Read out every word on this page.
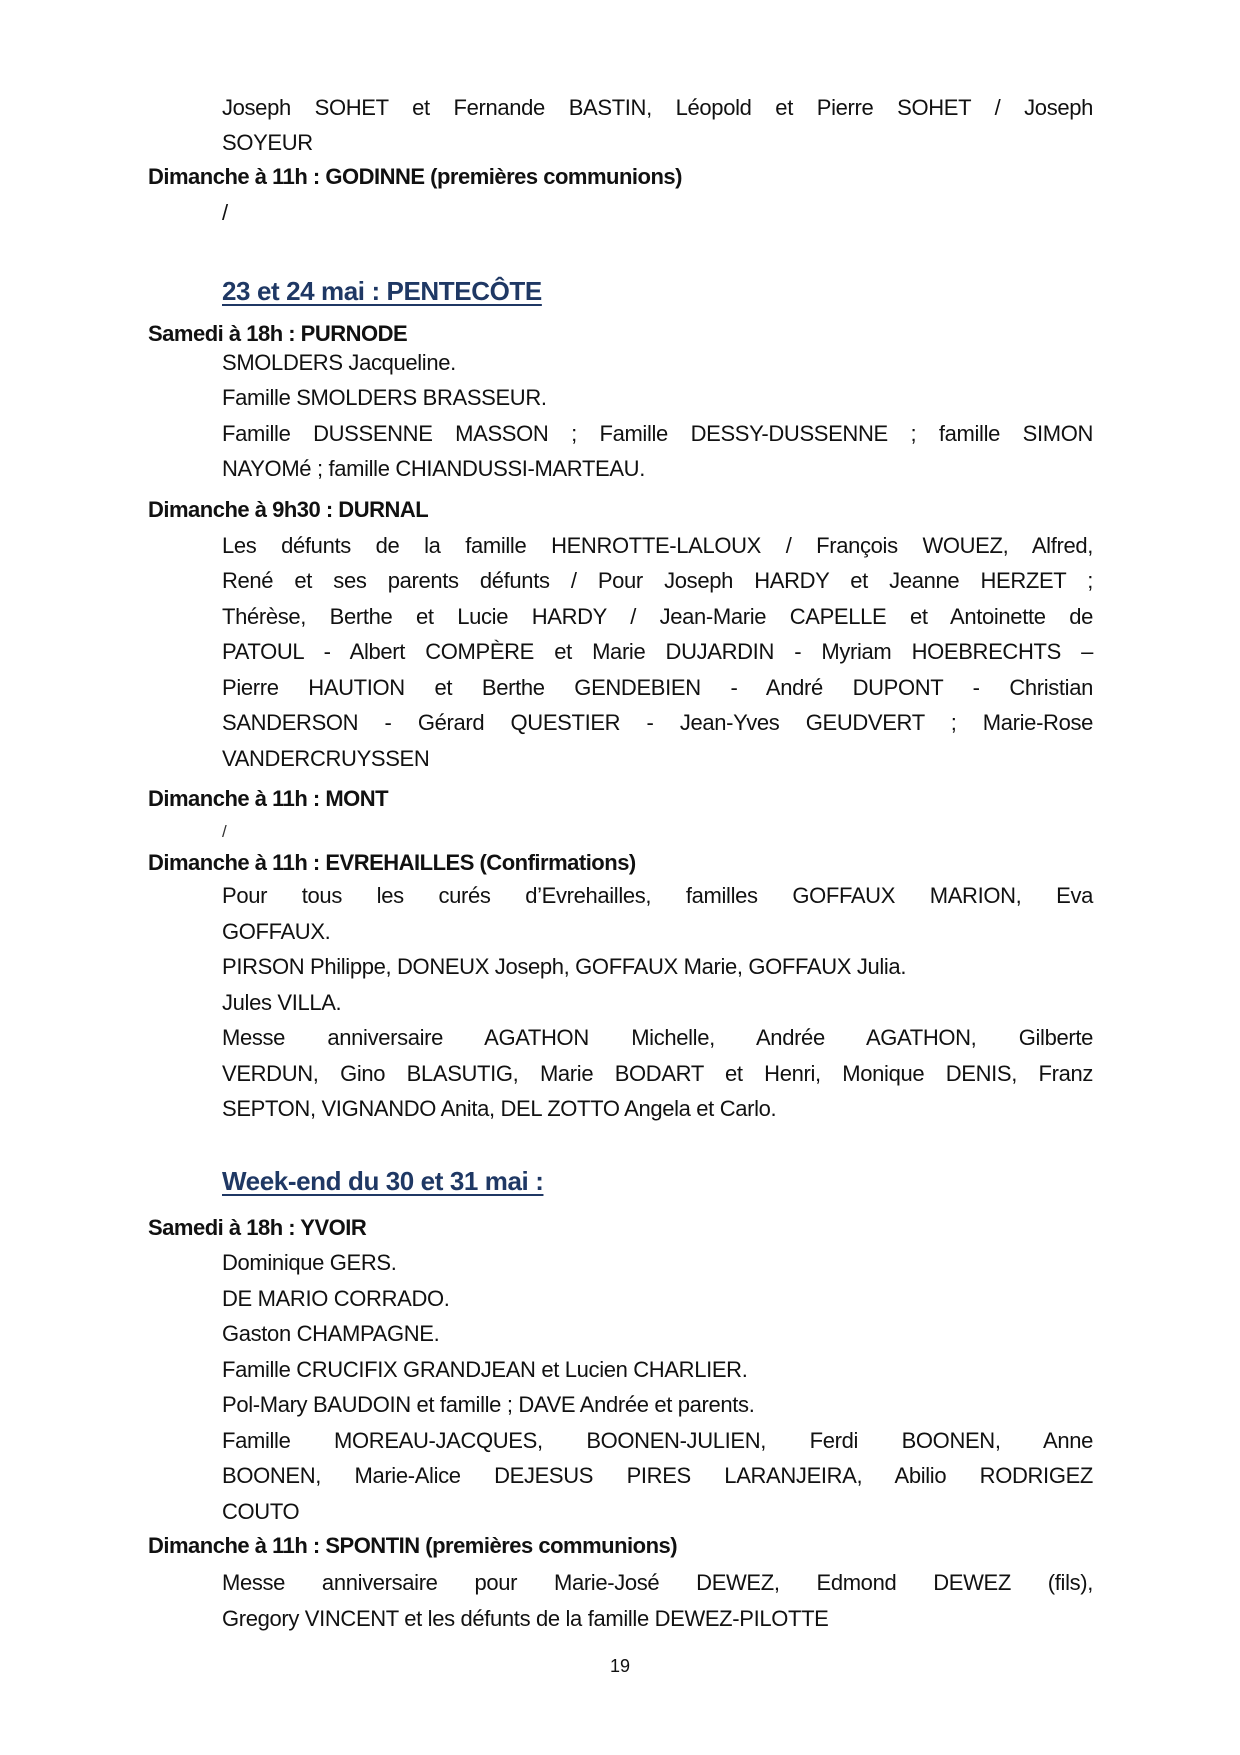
Joseph SOHET et Fernande BASTIN, Léopold et Pierre SOHET / Joseph
SOYEUR
Dimanche à 11h : GODINNE (premières communions)
/
23 et 24 mai : PENTECÔTE
Samedi à 18h : PURNODE
SMOLDERS Jacqueline.
Famille SMOLDERS BRASSEUR.
Famille DUSSENNE MASSON ; Famille DESSY-DUSSENNE ; famille SIMON
NAYOMé ; famille CHIANDUSSI-MARTEAU.
Dimanche à 9h30 : DURNAL
Les défunts de la famille HENROTTE-LALOUX / François WOUEZ, Alfred,
René et ses parents défunts / Pour Joseph HARDY et Jeanne HERZET ;
Thérèse, Berthe et Lucie HARDY / Jean-Marie CAPELLE et Antoinette de
PATOUL - Albert COMPÈRE et Marie DUJARDIN - Myriam HOEBRECHTS –
Pierre HAUTION et Berthe GENDEBIEN - André DUPONT - Christian
SANDERSON - Gérard QUESTIER - Jean-Yves GEUDVERT ; Marie-Rose
VANDERCRUYSSEN
Dimanche à 11h : MONT
/
Dimanche à 11h : EVREHAILLES (Confirmations)
Pour tous les curés d’Evrehailles, familles GOFFAUX MARION, Eva
GOFFAUX.
PIRSON Philippe, DONEUX Joseph, GOFFAUX Marie, GOFFAUX Julia.
Jules VILLA.
Messe anniversaire AGATHON Michelle, Andrée AGATHON, Gilberte
VERDUN, Gino BLASUTIG, Marie BODART et Henri, Monique DENIS, Franz
SEPTON, VIGNANDO Anita, DEL ZOTTO Angela et Carlo.
Week-end du 30 et 31 mai :
Samedi à 18h : YVOIR
Dominique GERS.
DE MARIO CORRADO.
Gaston CHAMPAGNE.
Famille CRUCIFIX GRANDJEAN et Lucien CHARLIER.
Pol-Mary BAUDOIN et famille ; DAVE Andrée et parents.
Famille MOREAU-JACQUES, BOONEN-JULIEN, Ferdi BOONEN, Anne
BOONEN, Marie-Alice DEJESUS PIRES LARANJEIRA, Abilio RODRIGEZ
COUTO
Dimanche à 11h : SPONTIN (premières communions)
Messe anniversaire pour Marie-José DEWEZ, Edmond DEWEZ (fils),
Gregory VINCENT et les défunts de la famille DEWEZ-PILOTTE
19
